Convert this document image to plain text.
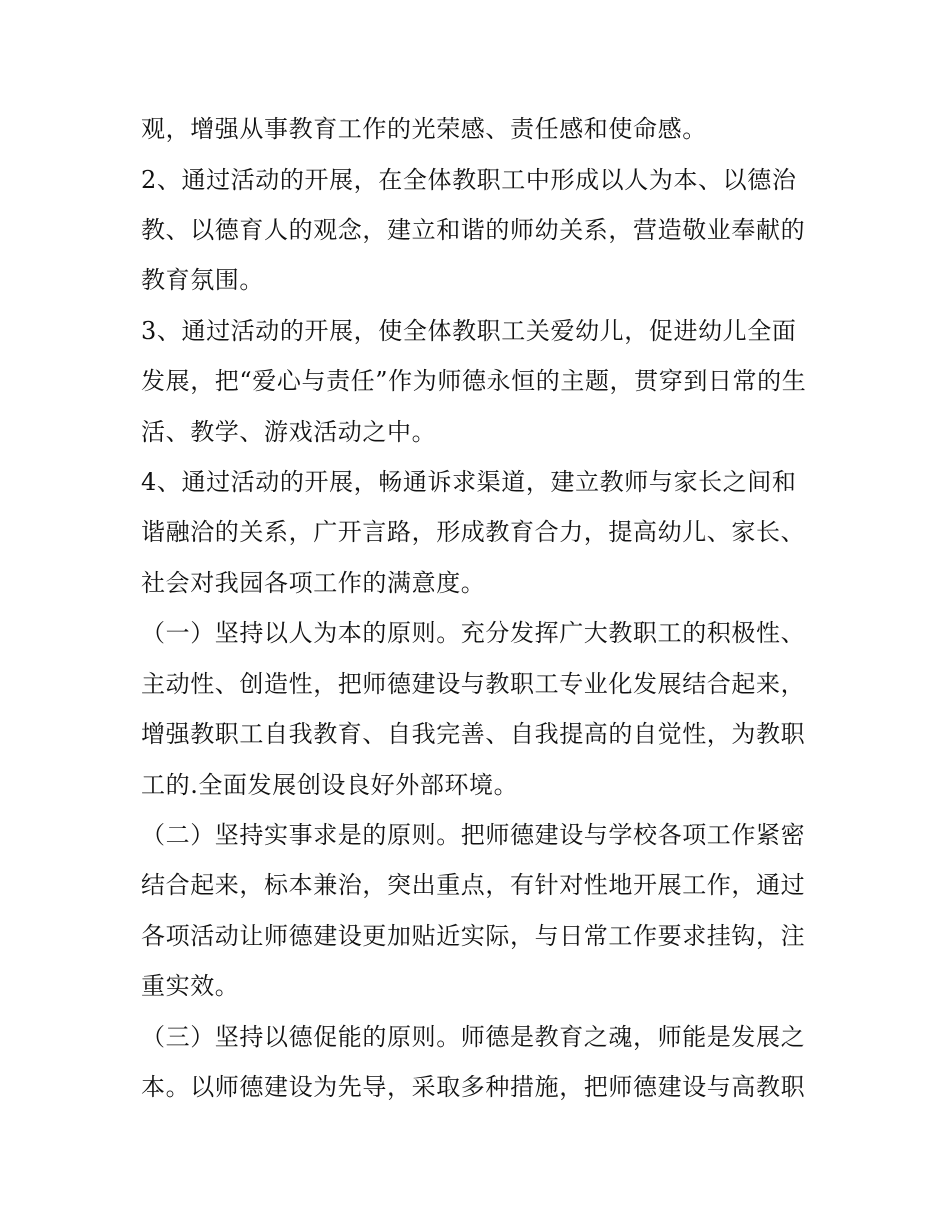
观，增强从事教育工作的光荣感、责任感和使命感。
2、通过活动的开展，在全体教职工中形成以人为本、以德治
教、以德育人的观念，建立和谐的师幼关系，营造敬业奉献的
教育氛围。
3、通过活动的开展，使全体教职工关爱幼儿，促进幼儿全面
发展，把“爱心与责任”作为师德永恒的主题，贯穿到日常的生
活、教学、游戏活动之中。
4、通过活动的开展，畅通诉求渠道，建立教师与家长之间和
谐融洽的关系，广开言路，形成教育合力，提高幼儿、家长、
社会对我园各项工作的满意度。
（一）坚持以人为本的原则。充分发挥广大教职工的积极性、
主动性、创造性，把师德建设与教职工专业化发展结合起来，
增强教职工自我教育、自我完善、自我提高的自觉性，为教职
工的.全面发展创设良好外部环境。
（二）坚持实事求是的原则。把师德建设与学校各项工作紧密
结合起来，标本兼治，突出重点，有针对性地开展工作，通过
各项活动让师德建设更加贴近实际，与日常工作要求挂钩，注
重实效。
（三）坚持以德促能的原则。师德是教育之魂，师能是发展之
本。以师德建设为先导，采取多种措施，把师德建设与高教职
